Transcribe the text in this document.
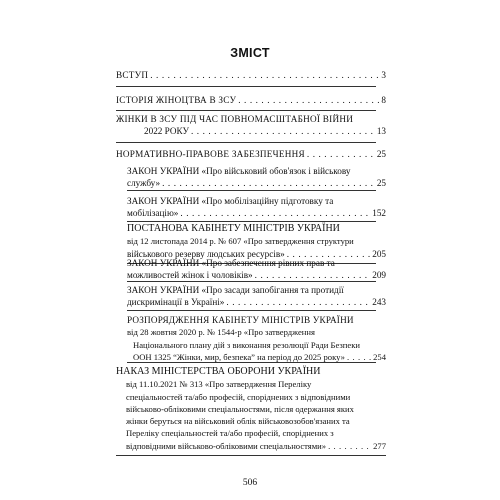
ЗМІСТ
ВСТУП . . .	3
ІСТОРІЯ ЖІНОЦТВА В ЗСУ . . .	8
ЖІНКИ В ЗСУ ПІД ЧАС ПОВНОМАСШТАБНОЇ ВІЙНИ
2022 РОКУ . . .	13
НОРМАТИВНО-ПРАВОВЕ ЗАБЕЗПЕЧЕННЯ . . .	25
ЗАКОН УКРАЇНИ «Про військовий обов'язок і військову
службу» . . .	25
ЗАКОН УКРАЇНИ «Про мобілізаційну підготовку та
мобілізацію» . . .	152
ПОСТАНОВА КАБІНЕТУ МІНІСТРІВ УКРАЇНИ
від 12 листопада 2014 р. № 607 «Про затвердження структури
військового резерву людських ресурсів» . . .	205
ЗАКОН УКРАЇНИ «Про забезпечення рівних прав та
можливостей жінок і чоловіків» . . .	209
ЗАКОН УКРАЇНИ «Про засади запобігання та протидії
дискримінації в Україні» . . .	243
РОЗПОРЯДЖЕННЯ КАБІНЕТУ МІНІСТРІВ УКРАЇНИ
від 28 жовтня 2020 р. № 1544-р «Про затвердження
Національного плану дій з виконання резолюції Ради Безпеки
ООН 1325 “Жінки, мир, безпека” на період до 2025 року» . . .	254
НАКАЗ МІНІСТЕРСТВА ОБОРОНИ УКРАЇНИ
від 11.10.2021 № 313 «Про затвердження Переліку
спеціальностей та/або професій, споріднених з відповідними
військово-обліковими спеціальностями, після одержання яких
жінки беруться на військовий облік військовозобов'язаних та
Переліку спеціальностей та/або професій, споріднених з
відповідними військово-обліковими спеціальностями» . . .	277
506
